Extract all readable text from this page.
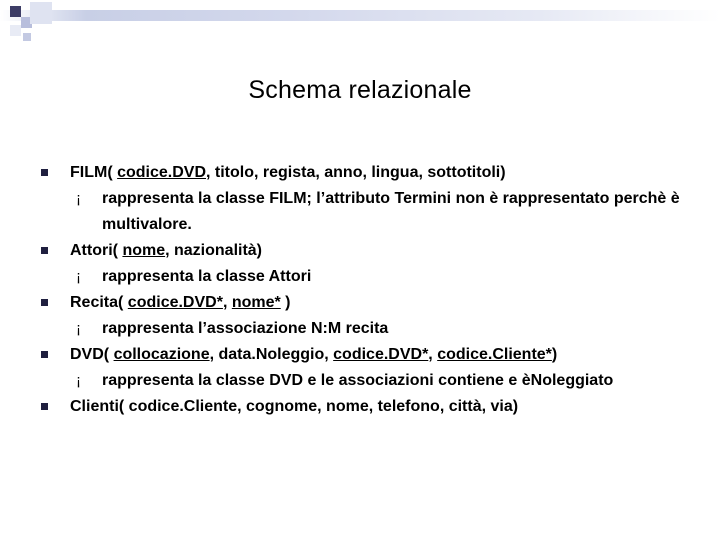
Schema relazionale
FILM( codice.DVD, titolo, regista, anno, lingua, sottotitoli)
¡ rappresenta la classe FILM; l’attributo Termini non è rappresentato perchè è multivalore.
Attori( nome, nazionalità)
¡ rappresenta la classe Attori
Recita( codice.DVD*, nome* )
¡ rappresenta l’associazione N:M recita
DVD( collocazione, data.Noleggio, codice.DVD*, codice.Cliente*)
¡ rappresenta la classe DVD e le associazioni contiene e èNoleggiato
Clienti( codice.Cliente, cognome, nome, telefono, città, via)
